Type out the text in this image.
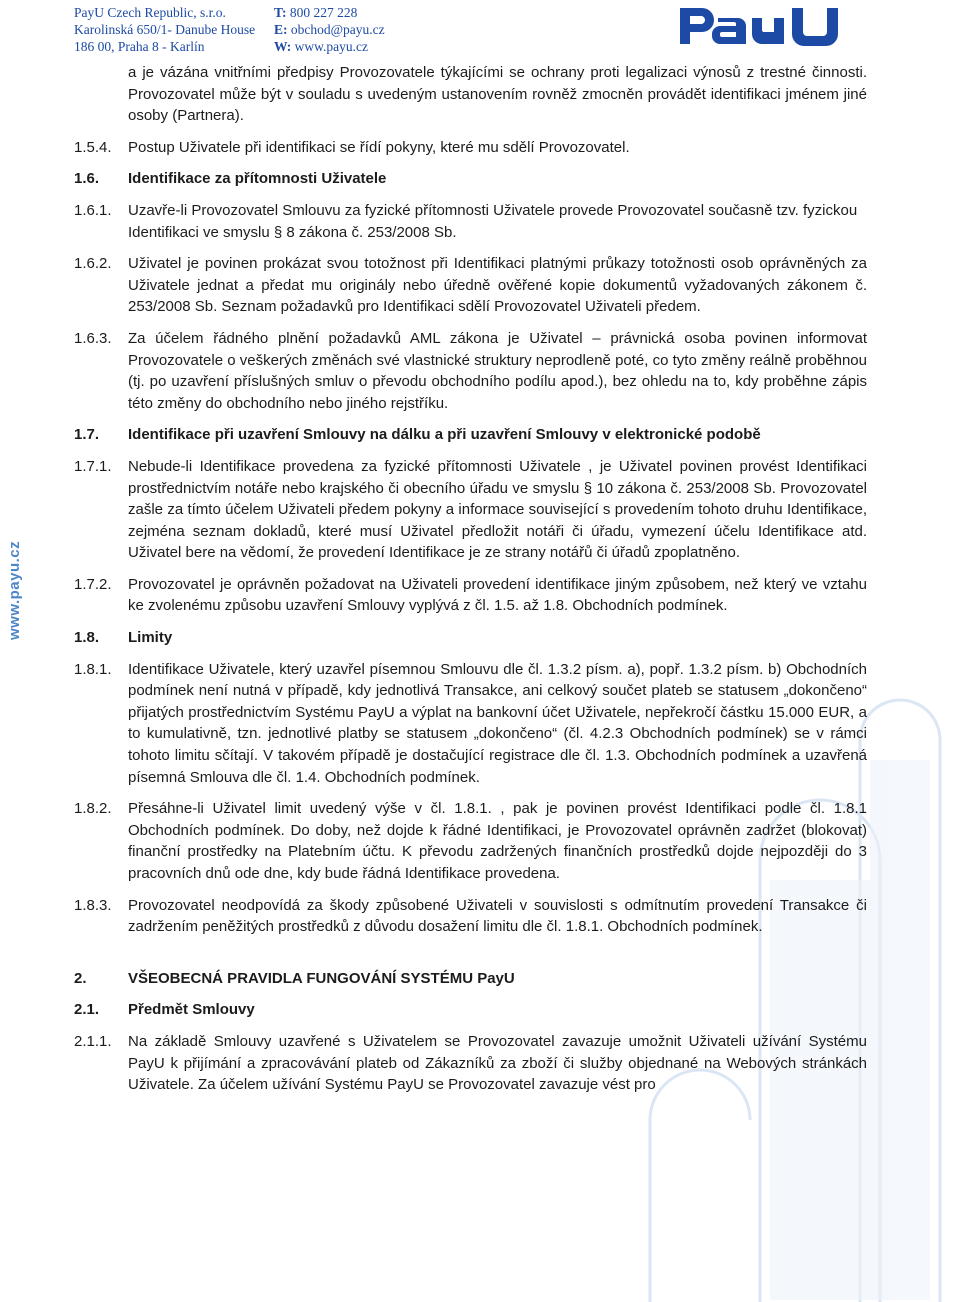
PayU Czech Republic, s.r.o.
Karolinská 650/1- Danube House
186 00, Praha 8 - Karlín
T: 800 227 228
E: obchod@payu.cz
W: www.payu.cz
www.payu.cz
a je vázána vnitřními předpisy Provozovatele týkajícími se ochrany proti legalizaci výnosů z trestné činnosti. Provozovatel může být v souladu s uvedeným ustanovením rovněž zmocněn provádět identifikaci jménem jiné osoby (Partnera).
1.5.4.	Postup Uživatele při identifikaci se řídí pokyny, které mu sdělí Provozovatel.
1.6.	Identifikace za přítomnosti Uživatele
1.6.1.	Uzavře-li Provozovatel Smlouvu za fyzické přítomnosti Uživatele provede Provozovatel současně tzv. fyzickou Identifikaci ve smyslu § 8 zákona č. 253/2008 Sb.
1.6.2.	Uživatel je povinen prokázat svou totožnost při Identifikaci platnými průkazy totožnosti osob oprávněných za Uživatele jednat a předat mu originály nebo úředně ověřené kopie dokumentů vyžadovaných zákonem č. 253/2008 Sb. Seznam požadavků pro Identifikaci sdělí Provozovatel Uživateli předem.
1.6.3.	Za účelem řádného plnění požadavků AML zákona je Uživatel – právnická osoba povinen informovat Provozovatele o veškerých změnách své vlastnické struktury neprodleně poté, co tyto změny reálně proběhnou (tj. po uzavření příslušných smluv o převodu obchodního podílu apod.), bez ohledu na to, kdy proběhne zápis této změny do obchodního nebo jiného rejstříku.
1.7.	Identifikace při uzavření Smlouvy na dálku a při uzavření Smlouvy v elektronické podobě
1.7.1.	Nebude-li Identifikace provedena za fyzické přítomnosti Uživatele , je Uživatel povinen provést Identifikaci prostřednictvím notáře nebo krajského či obecního úřadu ve smyslu § 10 zákona č. 253/2008 Sb. Provozovatel zašle za tímto účelem Uživateli předem pokyny a informace související s provedením tohoto druhu Identifikace, zejména seznam dokladů, které musí Uživatel předložit notáři či úřadu, vymezení účelu Identifikace atd. Uživatel bere na vědomí, že provedení Identifikace je ze strany notářů či úřadů zpoplatněno.
1.7.2.	Provozovatel je oprávněn požadovat na Uživateli provedení identifikace jiným způsobem, než který ve vztahu ke zvolenému způsobu uzavření Smlouvy vyplývá z čl. 1.5. až 1.8. Obchodních podmínek.
1.8.	Limity
1.8.1.	Identifikace Uživatele, který uzavřel písemnou Smlouvu dle čl. 1.3.2 písm. a), popř. 1.3.2 písm. b) Obchodních podmínek není nutná v případě, kdy jednotlivá Transakce, ani celkový součet plateb se statusem „dokončeno“ přijatých prostřednictvím Systému PayU a výplat na bankovní účet Uživatele, nepřekročí částku 15.000 EUR, a to kumulativně, tzn. jednotlivé platby se statusem „dokončeno“ (čl. 4.2.3 Obchodních podmínek) se v rámci tohoto limitu sčítají. V takovém případě je dostačující registrace dle čl. 1.3. Obchodních podmínek a uzavřená písemná Smlouva dle čl. 1.4. Obchodních podmínek.
1.8.2.	Přesáhne-li Uživatel limit uvedený výše v čl. 1.8.1. , pak je povinen provést Identifikaci podle čl. 1.8.1 Obchodních podmínek. Do doby, než dojde k řádné Identifikaci, je Provozovatel oprávněn zadržet (blokovat) finanční prostředky na Platebním účtu. K převodu zadržených finančních prostředků dojde nejpozději do 3 pracovních dnů ode dne, kdy bude řádná Identifikace provedena.
1.8.3.	Provozovatel neodpovídá za škody způsobené Uživateli v souvislosti s odmítnutím provedení Transakce či zadržením peněžitých prostředků z důvodu dosažení limitu dle čl. 1.8.1. Obchodních podmínek.
2.	VŠEOBECNÁ PRAVIDLA FUNGOVÁNÍ SYSTÉMU PayU
2.1.	Předmět Smlouvy
2.1.1.	Na základě Smlouvy uzavřené s Uživatelem se Provozovatel zavazuje umožnit Uživateli užívání Systému PayU k přijímání a zpracovávání plateb od Zákazníků za zboží či služby objednané na Webových stránkách Uživatele. Za účelem užívání Systému PayU se Provozovatel zavazuje vést pro
